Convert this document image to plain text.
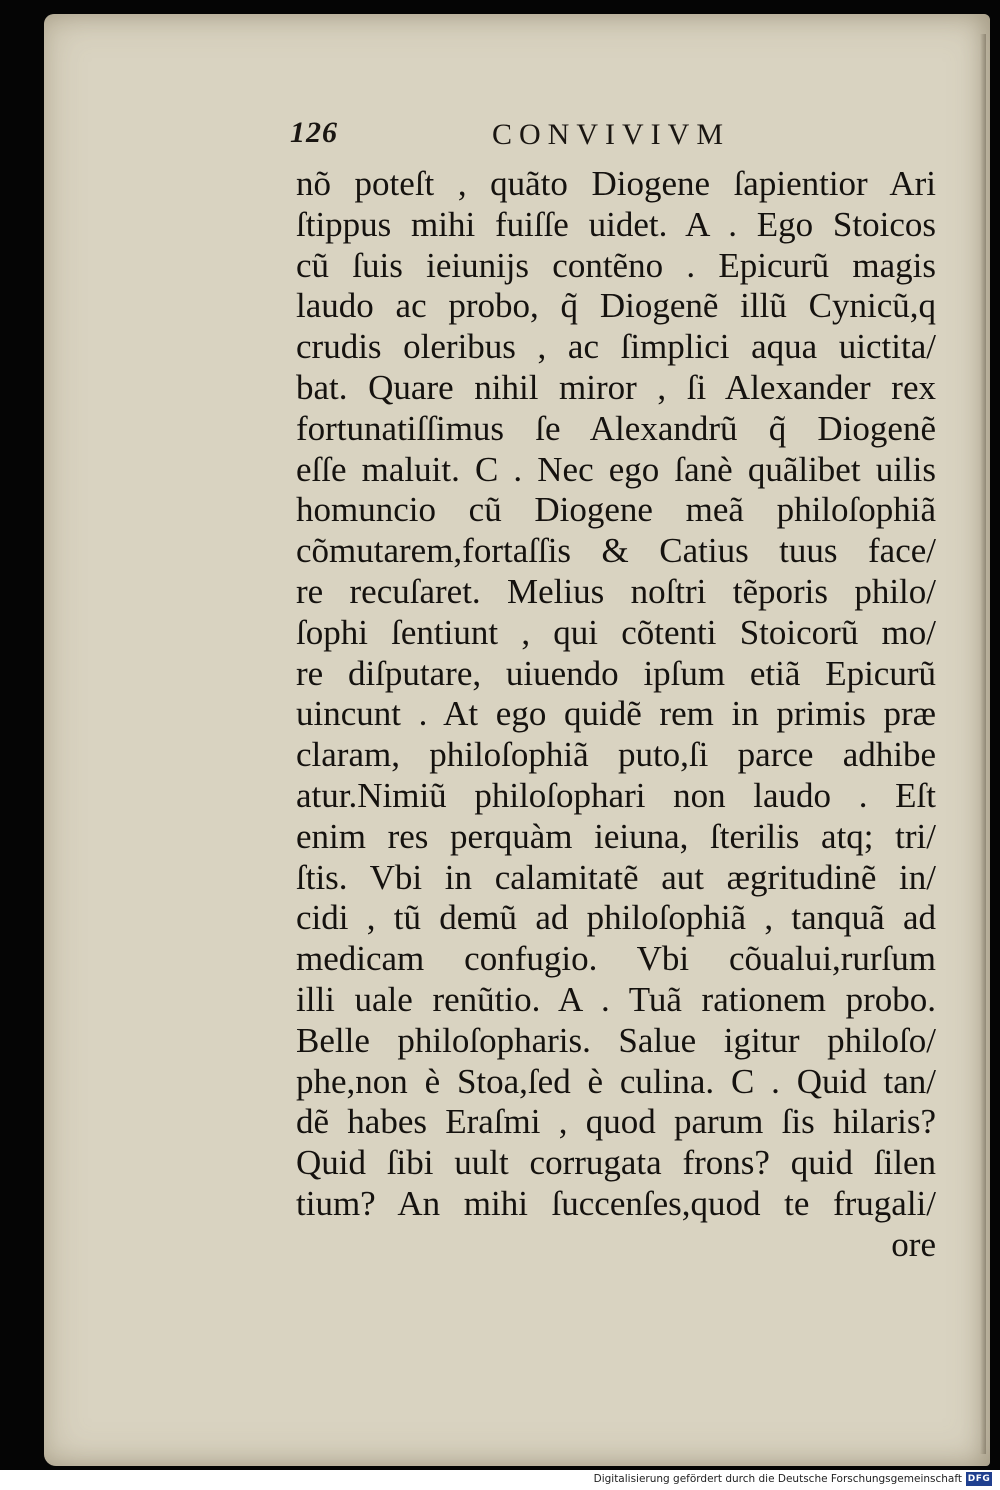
126	CONVIVIVM
nõ poteſt , quãto Diogene ſapientior Ari
ſtippus mihi fuiſſe uidet. A . Ego Stoicos
cũ ſuis ieiunĳs contẽno . Epicurũ magis
laudo ac probo, q̃ Diogenẽ illũ Cynicũ,q
crudis oleribus , ac ſimplici aqua uictita/
bat. Quare nihil miror , ſi Alexander rex
fortunatiſſimus ſe Alexandrũ q̃ Diogenẽ
eſſe maluit. C . Nec ego ſanè quãlibet uilis
homuncio cũ Diogene meã philoſophiã
cõmutarem,fortaſſis & Catius tuus face/
re recuſaret. Melius noſtri tẽporis philo/
ſophi ſentiunt , qui cõtenti Stoicorũ mo/
re diſputare, uiuendo ipſum etiã Epicurũ
uincunt . At ego quidẽ rem in primis præ
claram, philoſophiã puto,ſi parce adhibe
atur.Nimiũ philoſophari non laudo . Eſt
enim res perquàm ieiuna, ſterilis atq; tri/
ſtis. Vbi in calamitatẽ aut ægritudinẽ in/
cidi , tũ demũ ad philoſophiã , tanquã ad
medicam confugio. Vbi cõualui,rurſum
illi uale renũtio. A . Tuã rationem probo.
Belle philoſopharis. Salue igitur philoſo/
phe,non è Stoa,ſed è culina. C . Quid tan/
dẽ habes Eraſmi , quod parum ſis hilaris?
Quid ſibi uult corrugata frons? quid ſilen
tium? An mihi ſuccenſes,quod te frugali/
ore
Digitalisierung gefördert durch die Deutsche Forschungsgemeinschaft DFG
